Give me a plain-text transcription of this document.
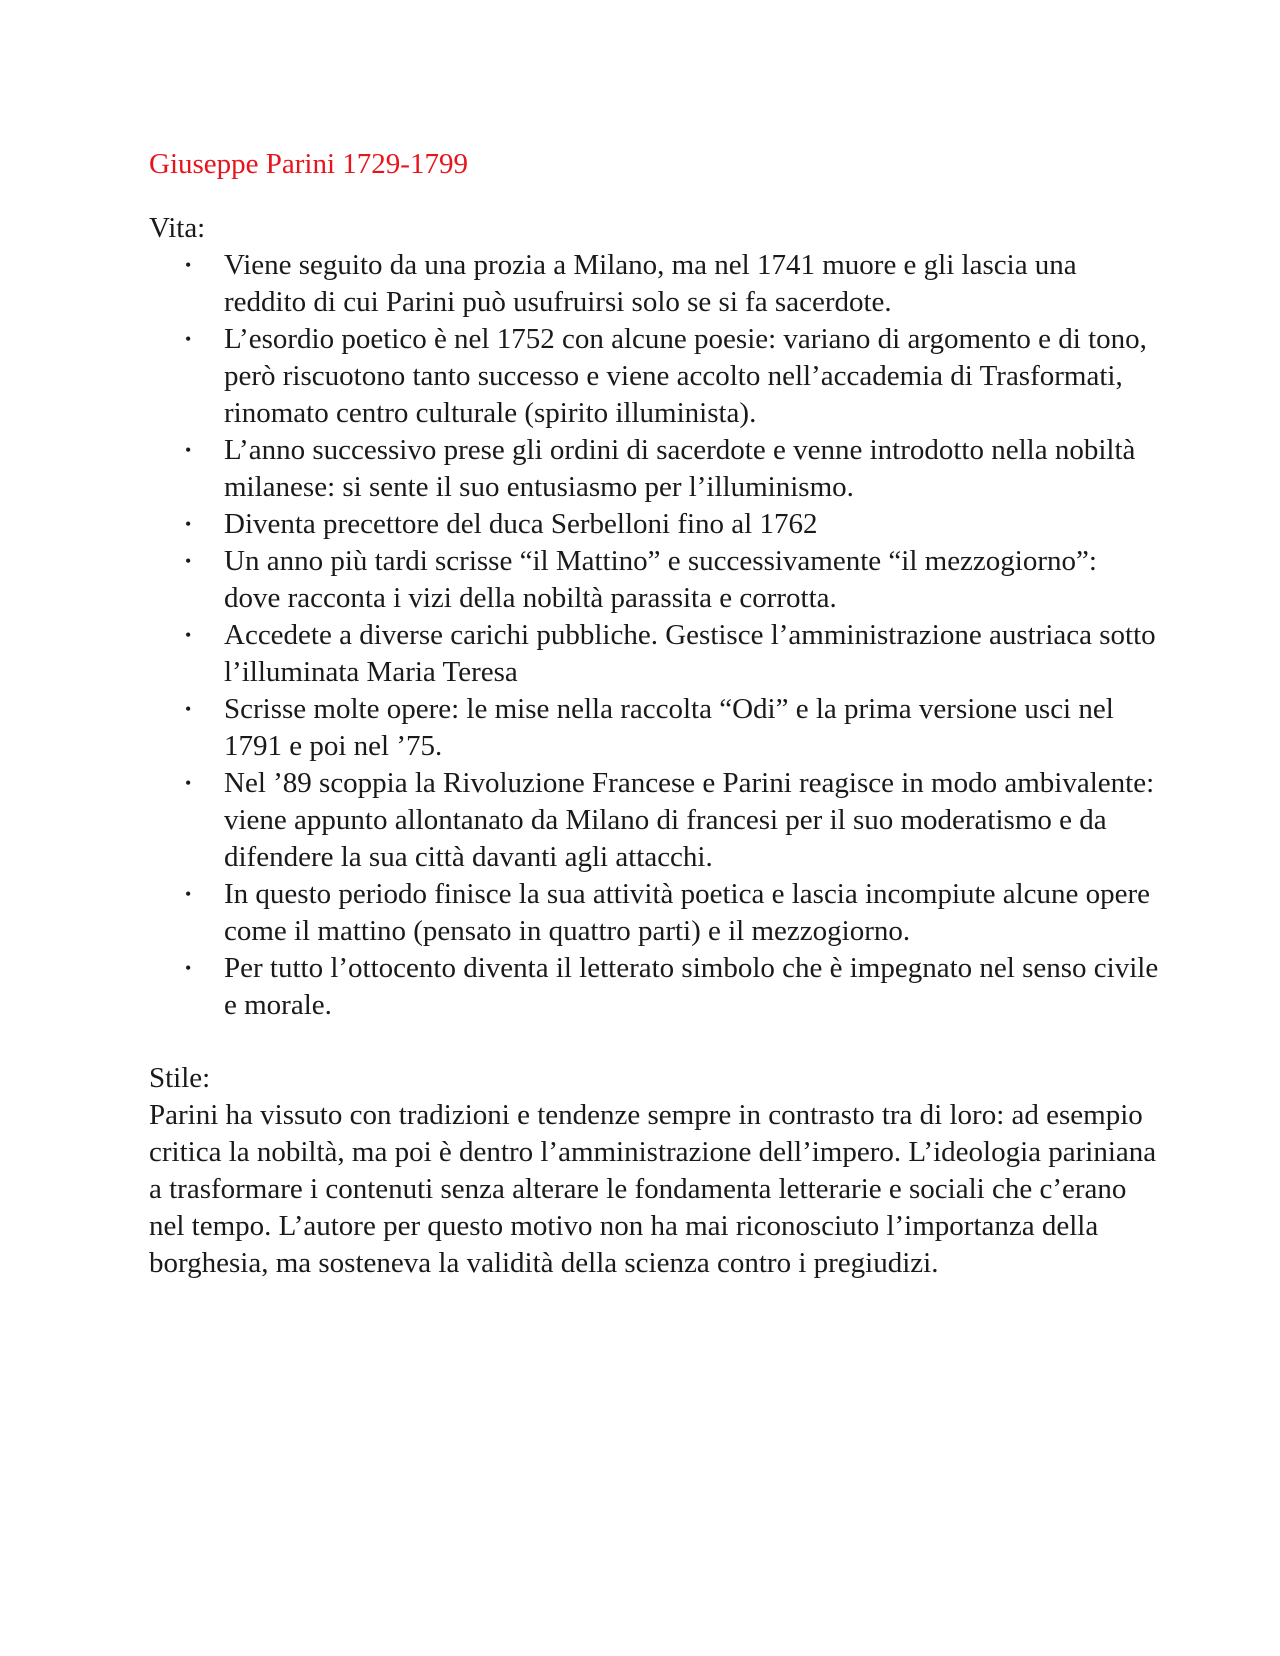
Giuseppe Parini 1729-1799

Vita:

• Viene seguito da una prozia a Milano, ma nel 1741 muore e gli lascia una reddito di cui Parini può usufruirsi solo se si fa sacerdote.
• L’esordio poetico è nel 1752 con alcune poesie: variano di argomento e di tono, però riscuotono tanto successo e viene accolto nell’accademia di Trasformati, rinomato centro culturale (spirito illuminista).
• L’anno successivo prese gli ordini di sacerdote e venne introdotto nella nobiltà milanese: si sente il suo entusiasmo per l’illuminismo.
• Diventa precettore del duca Serbelloni fino al 1762
• Un anno più tardi scrisse “il Mattino” e successivamente “il mezzogiorno”: dove racconta i vizi della nobiltà parassita e corrotta.
• Accedete a diverse carichi pubbliche. Gestisce l’amministrazione austriaca sotto l’illuminata Maria Teresa
• Scrisse molte opere: le mise nella raccolta “Odi” e la prima versione usci nel 1791 e poi nel ’75.
• Nel ’89 scoppia la Rivoluzione Francese e Parini reagisce in modo ambivalente: viene appunto allontanato da Milano di francesi per il suo moderatismo e da difendere la sua città davanti agli attacchi.
• In questo periodo finisce la sua attività poetica e lascia incompiute alcune opere come il mattino (pensato in quattro parti) e il mezzogiorno.
• Per tutto l’ottocento diventa il letterato simbolo che è impegnato nel senso civile e morale.

Stile:

Parini ha vissuto con tradizioni e tendenze sempre in contrasto tra di loro: ad esempio critica la nobiltà, ma poi è dentro l’amministrazione dell’impero. L’ideologia pariniana a trasformare i contenuti senza alterare le fondamenta letterarie e sociali che c’erano nel tempo. L’autore per questo motivo non ha mai riconosciuto l’importanza della borghesia, ma sosteneva la validità della scienza contro i pregiudizi.
